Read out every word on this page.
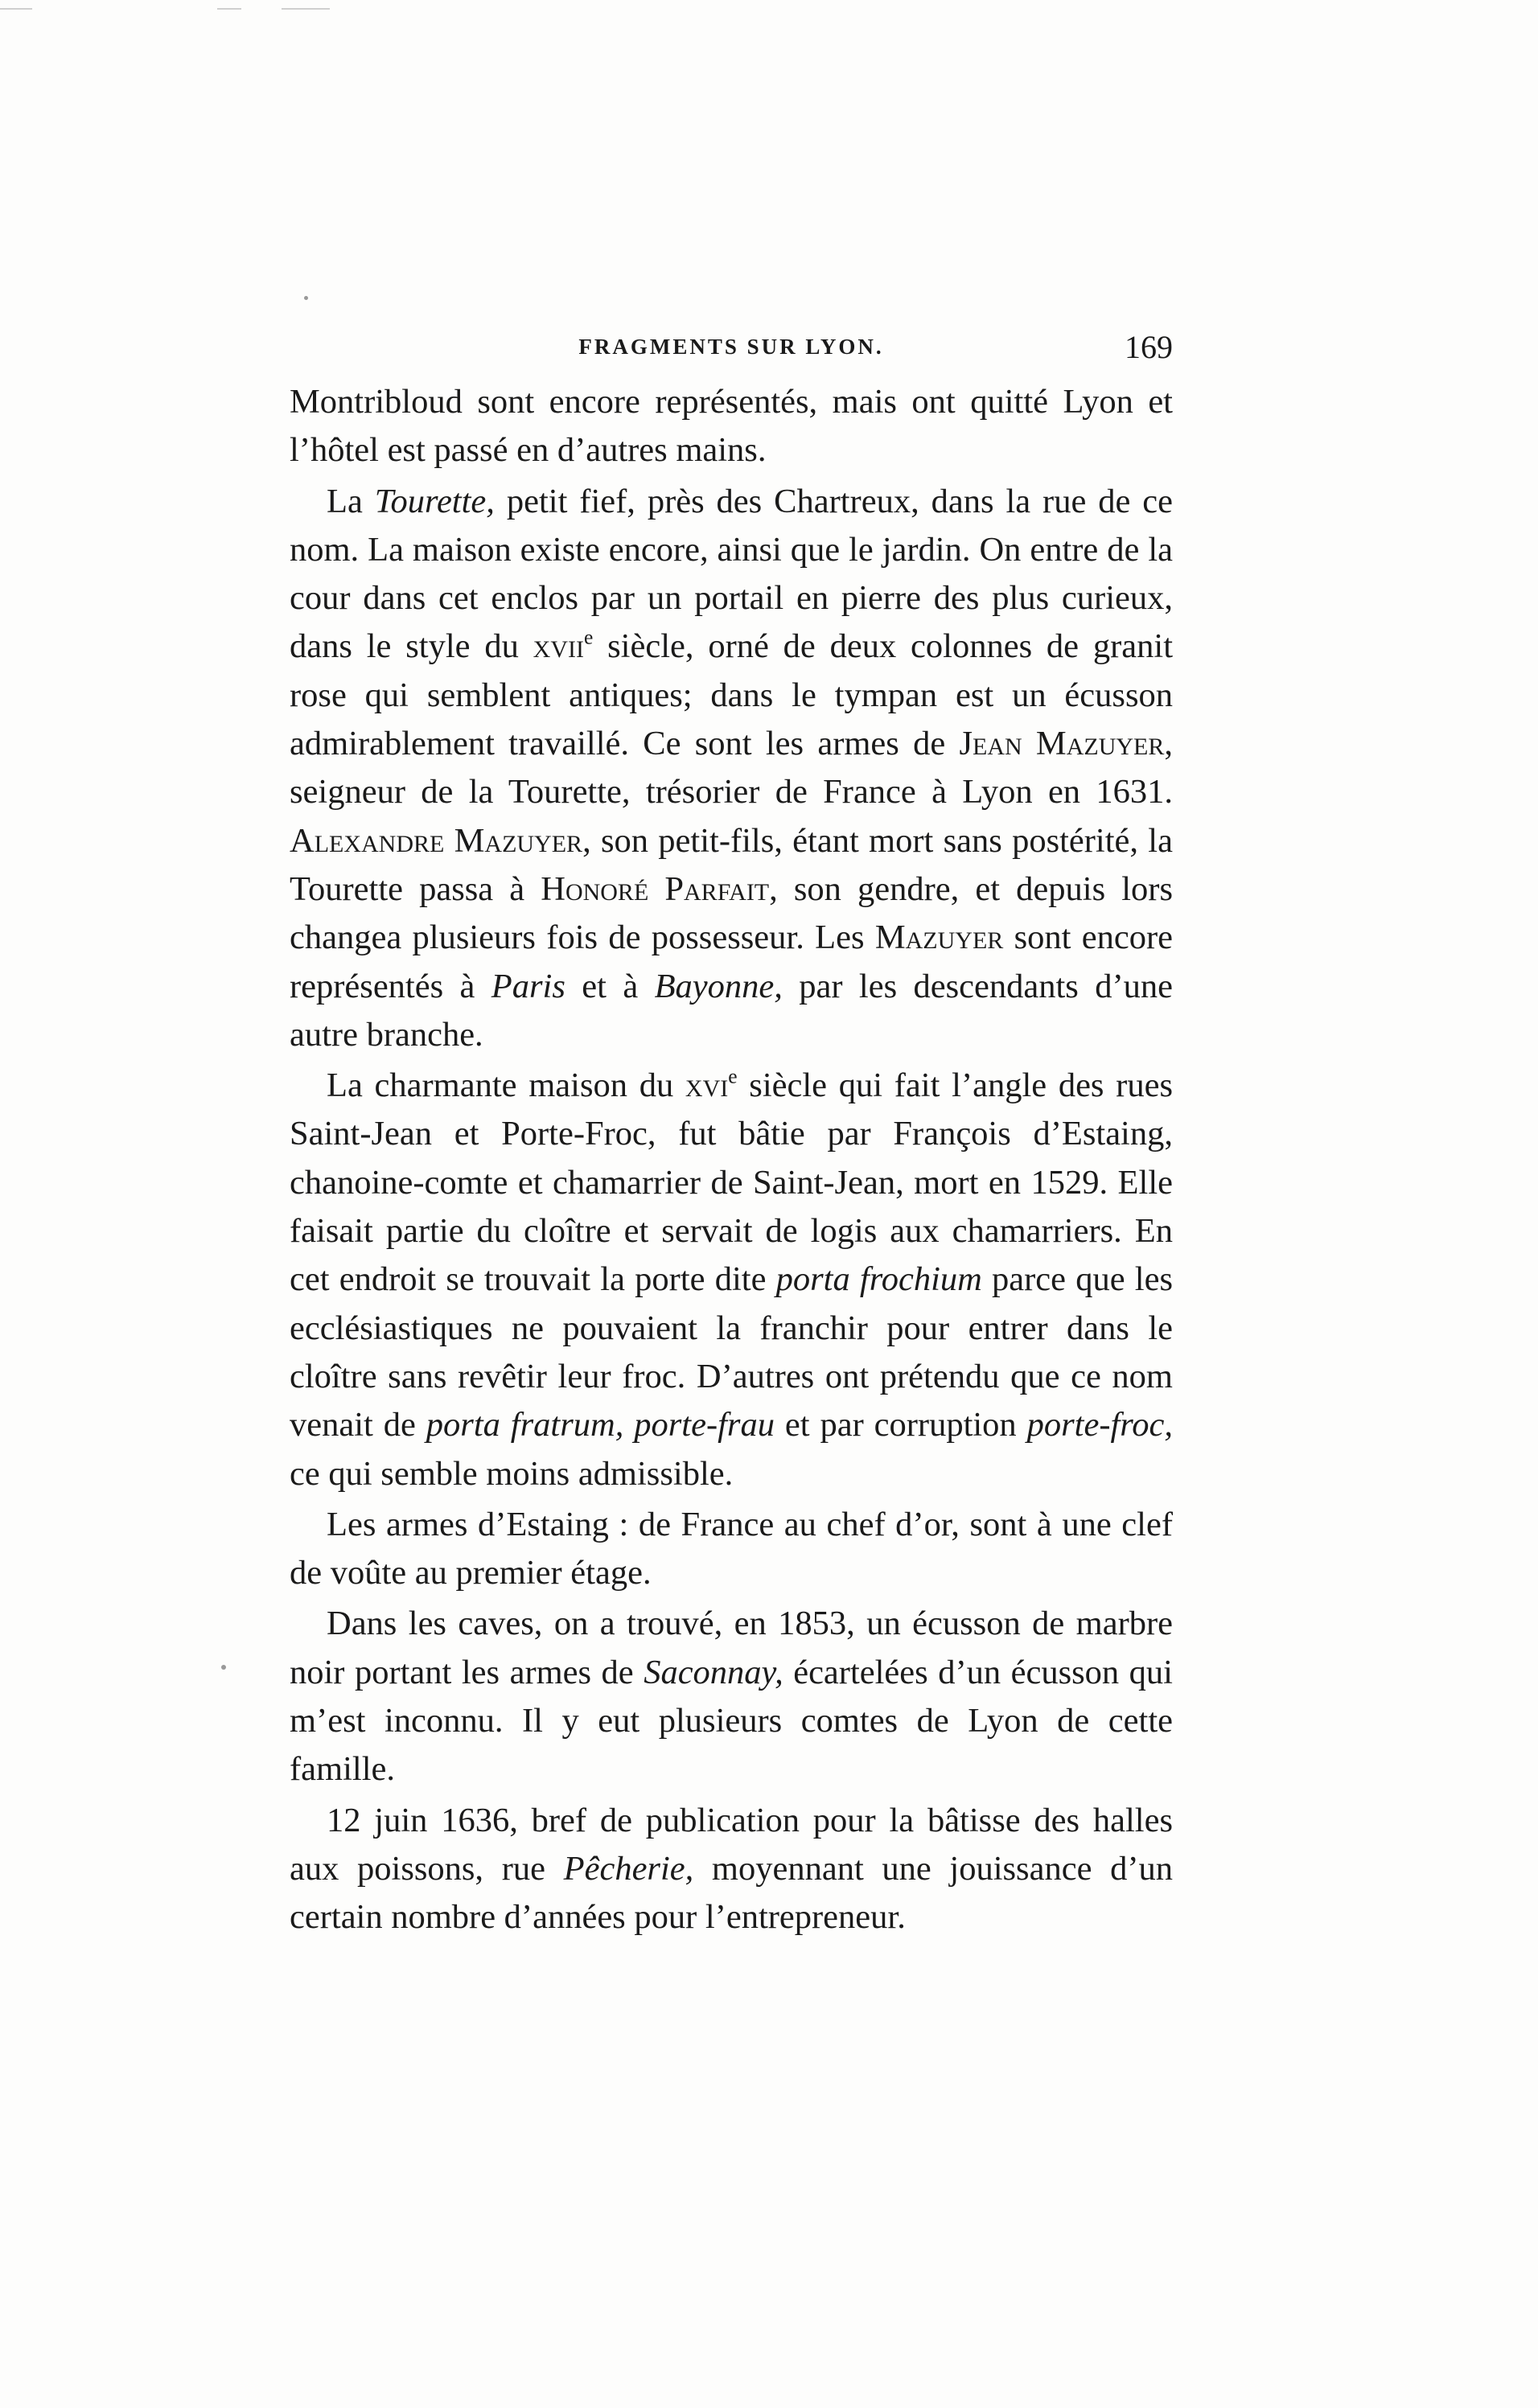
FRAGMENTS SUR LYON.	169

Montribloud sont encore représentés, mais ont quitté Lyon et l’hôtel est passé en d’autres mains.

La Tourette, petit fief, près des Chartreux, dans la rue de ce nom. La maison existe encore, ainsi que le jardin. On entre de la cour dans cet enclos par un portail en pierre des plus curieux, dans le style du xvii$^e$ siècle, orné de deux colonnes de granit rose qui semblent antiques; dans le tympan est un écusson admirablement travaillé. Ce sont les armes de Jean Mazuyer, seigneur de la Tourette, trésorier de France à Lyon en 1631. Alexandre Mazuyer, son petit-fils, étant mort sans postérité, la Tourette passa à Honoré Parfait, son gendre, et depuis lors changea plusieurs fois de possesseur. Les Mazuyer sont encore représentés à Paris et à Bayonne, par les descendants d’une autre branche.

La charmante maison du xvi$^e$ siècle qui fait l’angle des rues Saint-Jean et Porte-Froc, fut bâtie par François d’Estaing, chanoine-comte et chamarrier de Saint-Jean, mort en 1529. Elle faisait partie du cloître et servait de logis aux chamarriers. En cet endroit se trouvait la porte dite porta frochium parce que les ecclésiastiques ne pouvaient la franchir pour entrer dans le cloître sans revêtir leur froc. D’autres ont prétendu que ce nom venait de porta fratrum, porte-frau et par corruption porte-froc, ce qui semble moins admissible.

Les armes d’Estaing : de France au chef d’or, sont à une clef de voûte au premier étage.

Dans les caves, on a trouvé, en 1853, un écusson de marbre noir portant les armes de Saconnay, écartelées d’un écusson qui m’est inconnu. Il y eut plusieurs comtes de Lyon de cette famille.

12 juin 1636, bref de publication pour la bâtisse des halles aux poissons, rue Pêcherie, moyennant une jouissance d’un certain nombre d’années pour l’entrepreneur.
